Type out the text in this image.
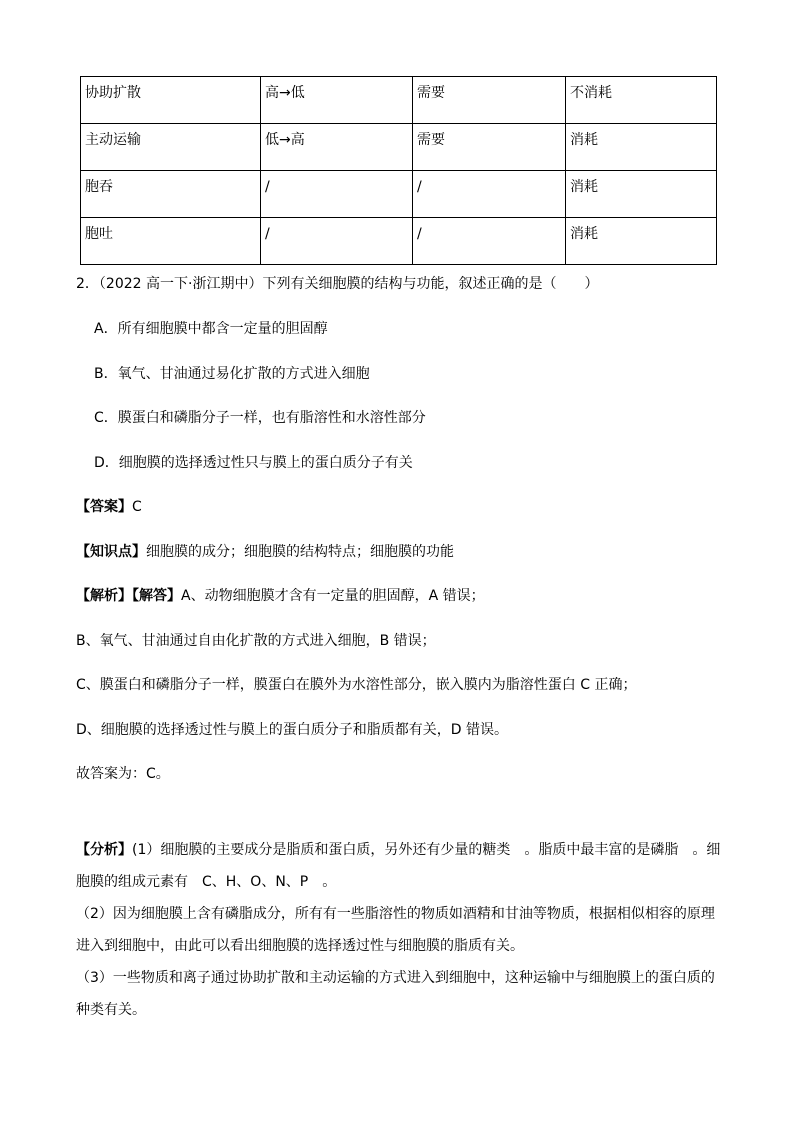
协助扩散	高→低	需要	不消耗
主动运输	低→高	需要	消耗
胞吞	/	/	消耗
胞吐	/	/	消耗
2．（2022 高一下·浙江期中）下列有关细胞膜的结构与功能，叙述正确的是（　　）
A．所有细胞膜中都含一定量的胆固醇
B．氧气、甘油通过易化扩散的方式进入细胞
C．膜蛋白和磷脂分子一样，也有脂溶性和水溶性部分
D．细胞膜的选择透过性只与膜上的蛋白质分子有关
【答案】C
【知识点】细胞膜的成分；细胞膜的结构特点；细胞膜的功能
【解析】【解答】A、动物细胞膜才含有一定量的胆固醇，A 错误；
B、氧气、甘油通过自由化扩散的方式进入细胞，B 错误；
C、膜蛋白和磷脂分子一样，膜蛋白在膜外为水溶性部分，嵌入膜内为脂溶性蛋白 C 正确；
D、细胞膜的选择透过性与膜上的蛋白质分子和脂质都有关，D 错误。
故答案为：C。
【分析】(1）细胞膜的主要成分是脂质和蛋白质，另外还有少量的糖类　。脂质中最丰富的是磷脂　。细胞膜的组成元素有　C、H、O、N、P　。
（2）因为细胞膜上含有磷脂成分，所有有一些脂溶性的物质如酒精和甘油等物质，根据相似相容的原理进入到细胞中，由此可以看出细胞膜的选择透过性与细胞膜的脂质有关。
（3）一些物质和离子通过协助扩散和主动运输的方式进入到细胞中，这种运输中与细胞膜上的蛋白质的种类有关。
